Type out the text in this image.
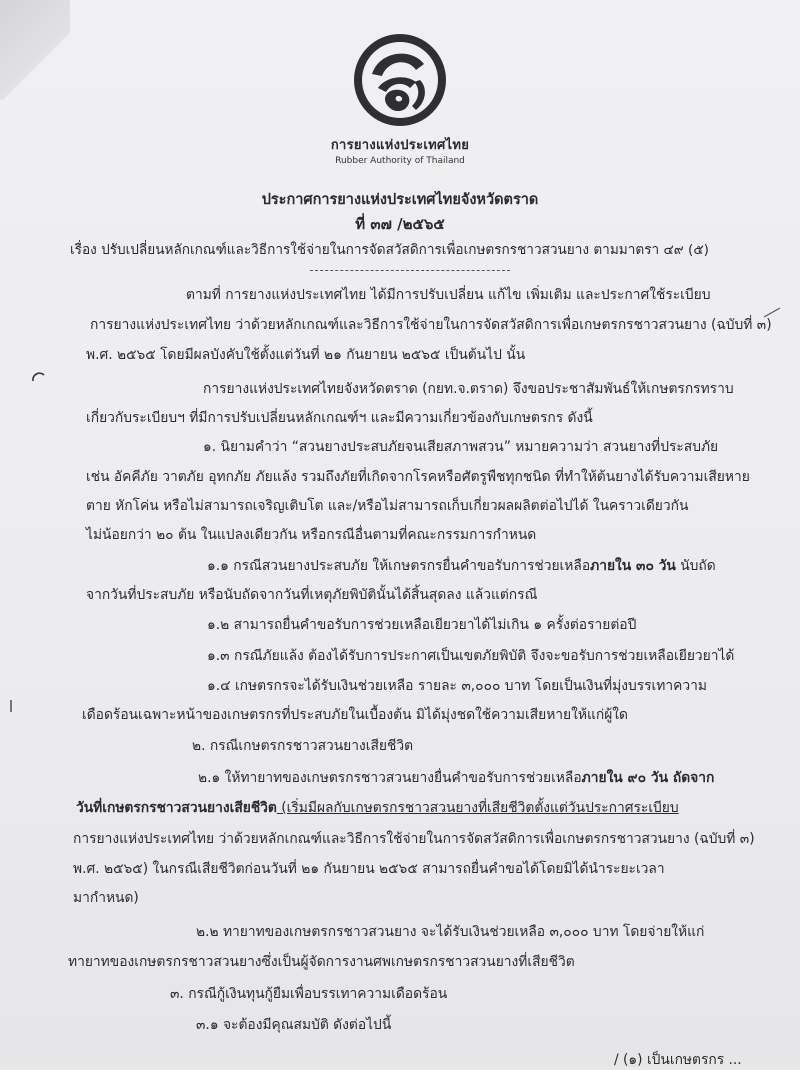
การยางแห่งประเทศไทย
Rubber Authority of Thailand
ประกาศการยางแห่งประเทศไทยจังหวัดตราด
ที่ ๓๗ /๒๕๖๕
เรื่อง ปรับเปลี่ยนหลักเกณฑ์และวิธีการใช้จ่ายในการจัดสวัสดิการเพื่อเกษตรกรชาวสวนยาง ตามมาตรา ๔๙ (๕)
ตามที่ การยางแห่งประเทศไทย ได้มีการปรับเปลี่ยน แก้ไข เพิ่มเติม และประกาศใช้ระเบียบ
การยางแห่งประเทศไทย ว่าด้วยหลักเกณฑ์และวิธีการใช้จ่ายในการจัดสวัสดิการเพื่อเกษตรกรชาวสวนยาง (ฉบับที่ ๓)
พ.ศ. ๒๕๖๕ โดยมีผลบังคับใช้ตั้งแต่วันที่ ๒๑ กันยายน ๒๕๖๕ เป็นต้นไป นั้น
การยางแห่งประเทศไทยจังหวัดตราด (กยท.จ.ตราด) จึงขอประชาสัมพันธ์ให้เกษตรกรทราบ
เกี่ยวกับระเบียบฯ ที่มีการปรับเปลี่ยนหลักเกณฑ์ฯ และมีความเกี่ยวข้องกับเกษตรกร ดังนี้
๑. นิยามคำว่า “สวนยางประสบภัยจนเสียสภาพสวน” หมายความว่า สวนยางที่ประสบภัย
เช่น อัคคีภัย วาตภัย อุทกภัย ภัยแล้ง รวมถึงภัยที่เกิดจากโรคหรือศัตรูพืชทุกชนิด ที่ทำให้ต้นยางได้รับความเสียหาย
ตาย หักโค่น หรือไม่สามารถเจริญเติบโต และ/หรือไม่สามารถเก็บเกี่ยวผลผลิตต่อไปได้ ในคราวเดียวกัน
ไม่น้อยกว่า ๒๐ ต้น ในแปลงเดียวกัน หรือกรณีอื่นตามที่คณะกรรมการกำหนด
๑.๑ กรณีสวนยางประสบภัย ให้เกษตรกรยื่นคำขอรับการช่วยเหลือภายใน ๓๐ วัน นับถัด
จากวันที่ประสบภัย หรือนับถัดจากวันที่เหตุภัยพิบัตินั้นได้สิ้นสุดลง แล้วแต่กรณี
๑.๒ สามารถยื่นคำขอรับการช่วยเหลือเยียวยาได้ไม่เกิน ๑ ครั้งต่อรายต่อปี
๑.๓ กรณีภัยแล้ง ต้องได้รับการประกาศเป็นเขตภัยพิบัติ จึงจะขอรับการช่วยเหลือเยียวยาได้
๑.๔ เกษตรกรจะได้รับเงินช่วยเหลือ รายละ ๓,๐๐๐ บาท โดยเป็นเงินที่มุ่งบรรเทาความ
เดือดร้อนเฉพาะหน้าของเกษตรกรที่ประสบภัยในเบื้องต้น มิได้มุ่งชดใช้ความเสียหายให้แก่ผู้ใด
๒. กรณีเกษตรกรชาวสวนยางเสียชีวิต
๒.๑ ให้ทายาทของเกษตรกรชาวสวนยางยื่นคำขอรับการช่วยเหลือภายใน ๙๐ วัน ถัดจาก
วันที่เกษตรกรชาวสวนยางเสียชีวิต (เริ่มมีผลกับเกษตรกรชาวสวนยางที่เสียชีวิตตั้งแต่วันประกาศระเบียบ
การยางแห่งประเทศไทย ว่าด้วยหลักเกณฑ์และวิธีการใช้จ่ายในการจัดสวัสดิการเพื่อเกษตรกรชาวสวนยาง (ฉบับที่ ๓)
พ.ศ. ๒๕๖๕) ในกรณีเสียชีวิตก่อนวันที่ ๒๑ กันยายน ๒๕๖๕ สามารถยื่นคำขอได้โดยมิได้นำระยะเวลา
มากำหนด)
๒.๒ ทายาทของเกษตรกรชาวสวนยาง จะได้รับเงินช่วยเหลือ ๓,๐๐๐ บาท โดยจ่ายให้แก่
ทายาทของเกษตรกรชาวสวนยางซึ่งเป็นผู้จัดการงานศพเกษตรกรชาวสวนยางที่เสียชีวิต
๓. กรณีกู้เงินทุนกู้ยืมเพื่อบรรเทาความเดือดร้อน
๓.๑ จะต้องมีคุณสมบัติ ดังต่อไปนี้
/ (๑) เป็นเกษตรกร ...
